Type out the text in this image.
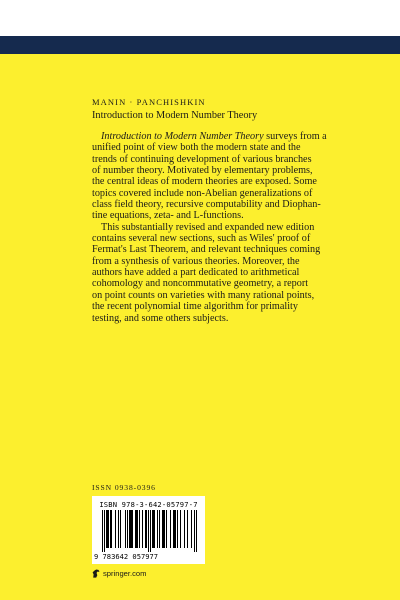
MANIN · PANCHISHKIN
Introduction to Modern Number Theory
Introduction to Modern Number Theory surveys from a
unified point of view both the modern state and the
trends of continuing development of various branches
of number theory. Motivated by elementary problems,
the central ideas of modern theories are exposed. Some
topics covered include non-Abelian generalizations of
class field theory, recursive computability and Diophan-
tine equations, zeta- and L-functions.
This substantially revised and expanded new edition
contains several new sections, such as Wiles' proof of
Fermat's Last Theorem, and relevant techniques coming
from a synthesis of various theories. Moreover, the
authors have added a part dedicated to arithmetical
cohomology and noncommutative geometry, a report
on point counts on varieties with many rational points,
the recent polynomial time algorithm for primality
testing, and some others subjects.
ISSN 0938-0396
ISBN 978-3-642-05797-7
9 783642 057977
springer.com
